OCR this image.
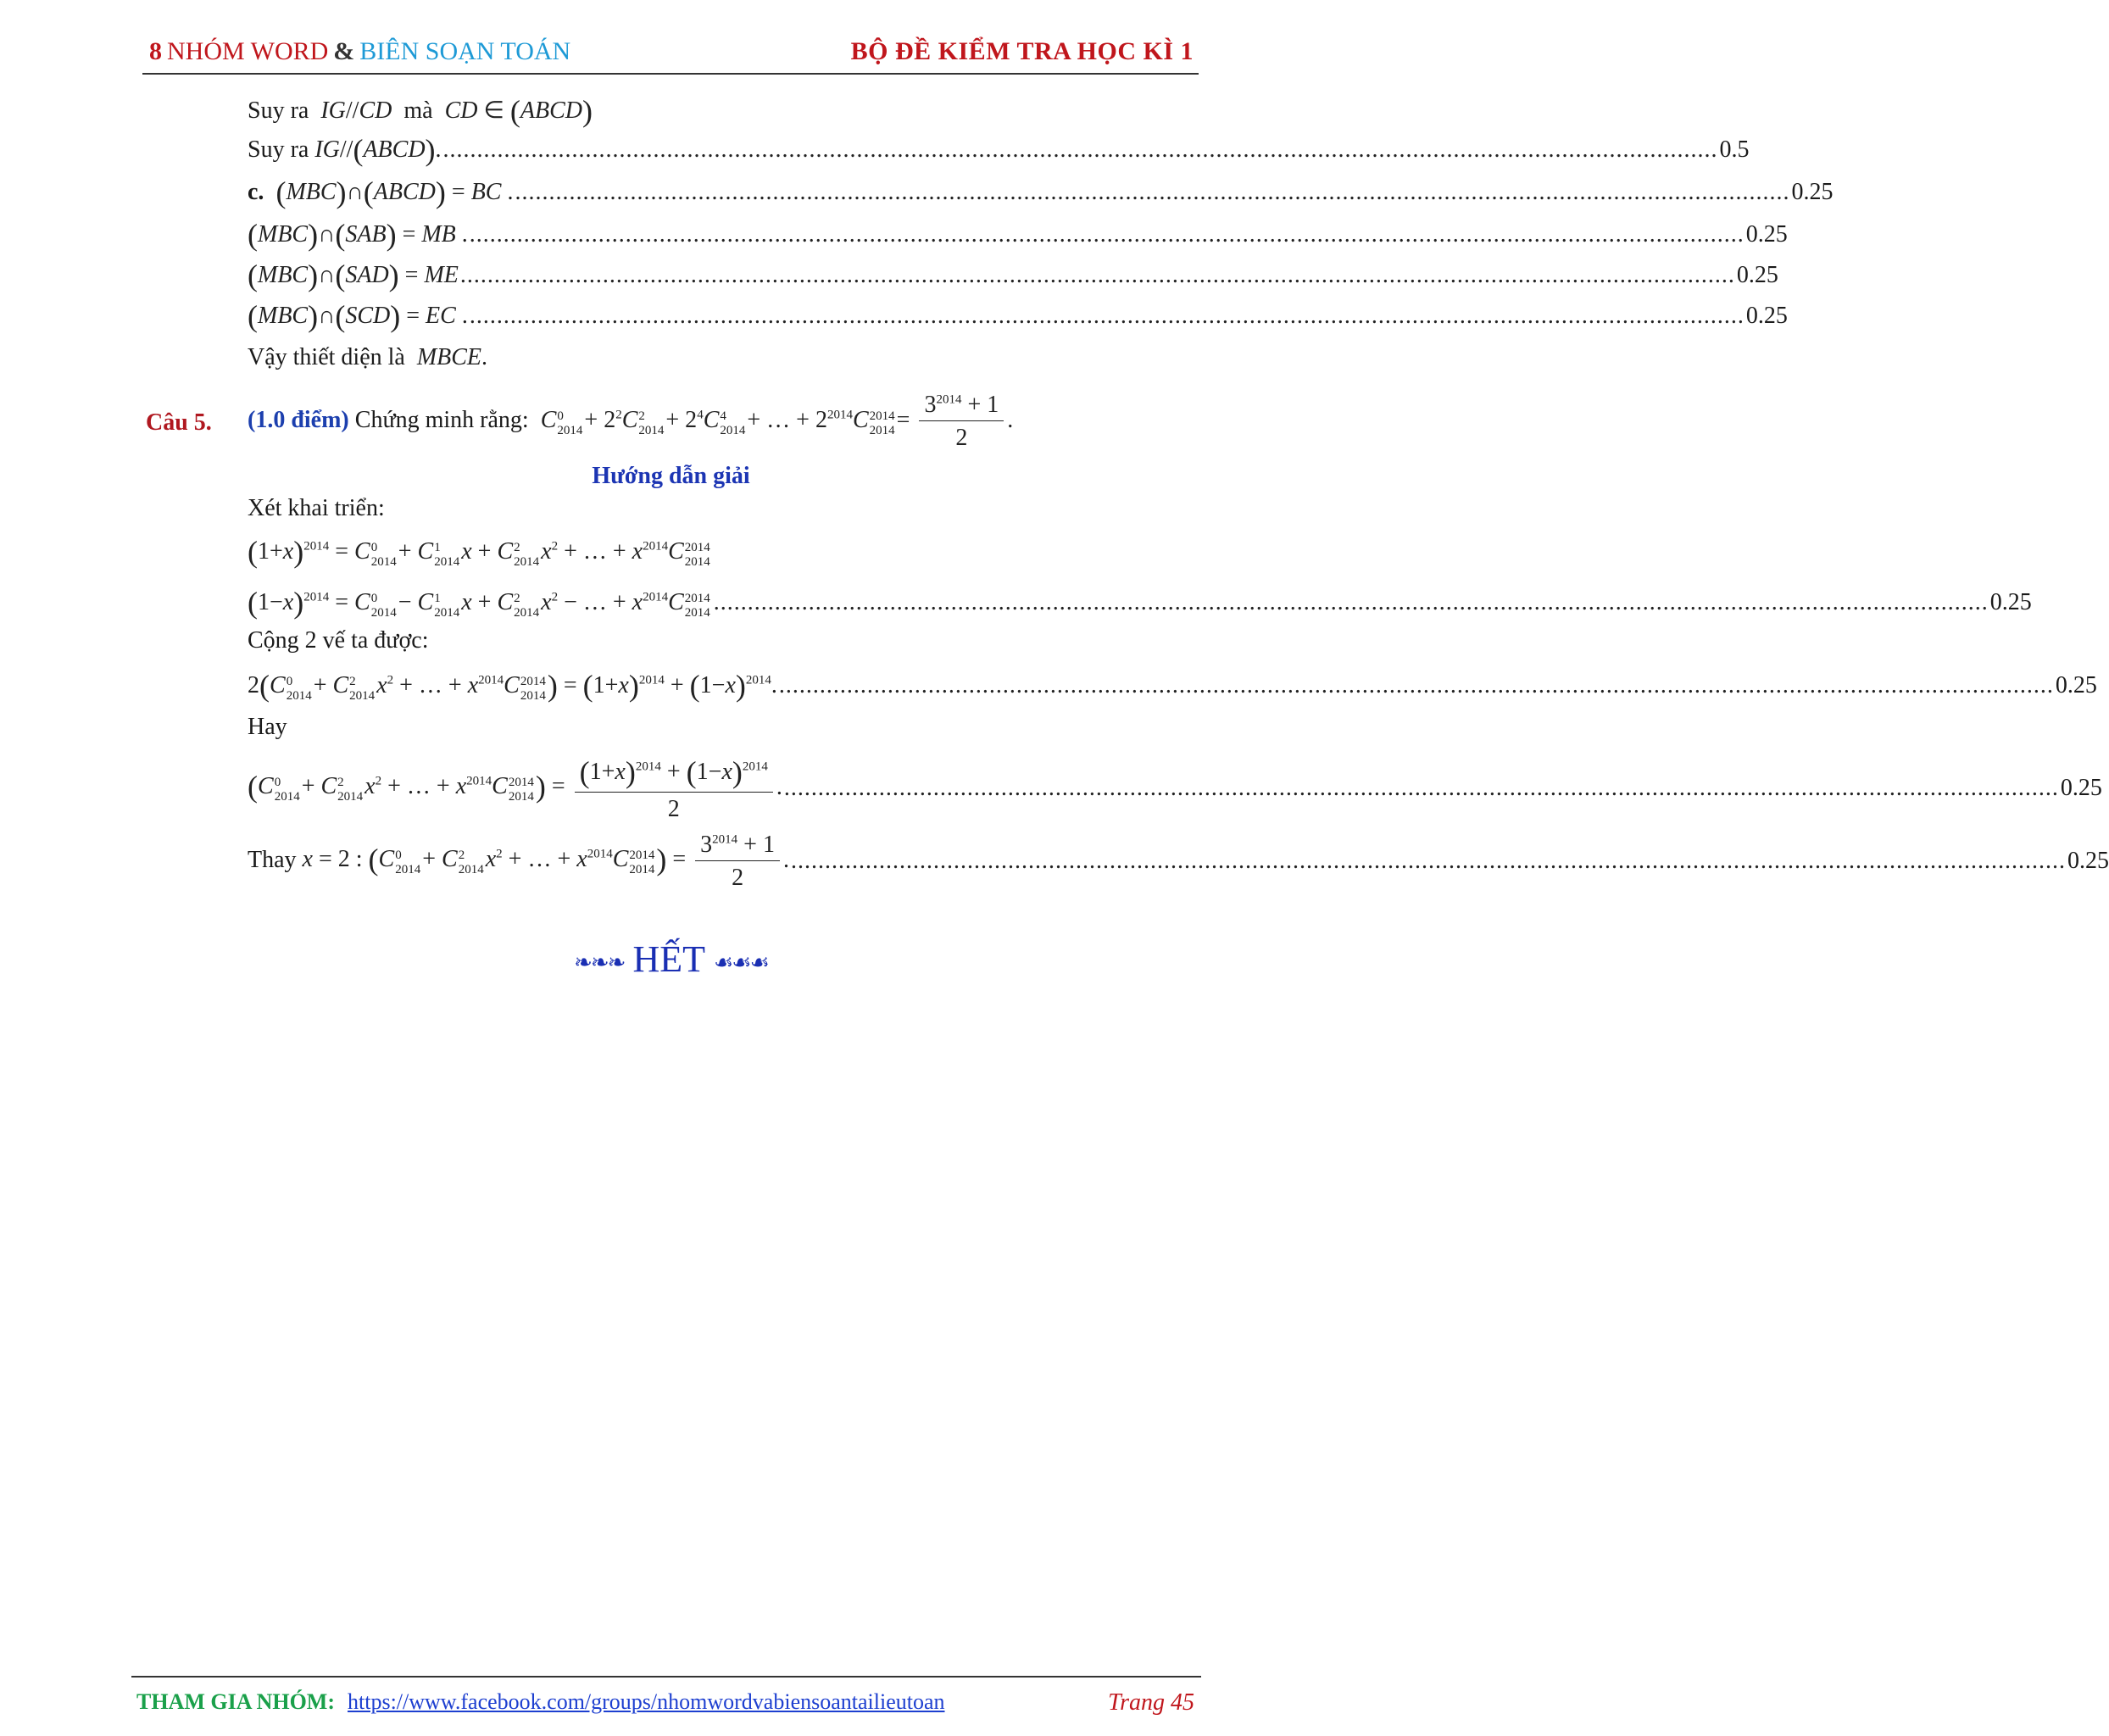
8 NHÓM WORD & BIÊN SOẠN TOÁN	BỘ ĐỀ KIỂM TRA HỌC KÌ 1
Suy ra  IG//CD mà  CD ∈ (ABCD)
Suy ra IG//(ABCD). ............................................................................................................................................................................................ 0.5
c. (MBC)∩(ABCD) = BC . ............................................................................................................................................................................................ 0.25
(MBC)∩(SAB) = MB . ............................................................................................................................................................................................ 0.25
(MBC)∩(SAD) = ME ............................................................................................................................................................................................ 0.25
(MBC)∩(SCD) = EC . ............................................................................................................................................................................................ 0.25
Vậy thiết diện là  MBCE.
Câu 5. (1.0 điểm) Chứng minh rằng:  C 0
$2014 + 2^2C$ 2
$2014 + 2^4C$ 4
2014 + … + $2^{2014}C$ 2014
$2014 = \frac{3^{2014} + 1}{2}$ .
Hướng dẫn giải
Xét khai triển:
$(1+x)^{2014} = C$ 0
2014 + C 1
2014 x + C 2
2014 $x^2$ + … + $x^{2014}C$ 2014
2014
$(1-x)^{2014} = C$ 0
2014 − C 1
2014 x + C 2
2014 $x^2$ − … + $x^{2014}C$ 2014
2014 ............................................................................................................................................................................................ 0.25
Cộng 2 vế ta được:
2(C 0
2014 + C 2
2014 $x^2$ + … + $x^{2014}C$ 2014
2014 ) = $(1+x)^{2014} + (1-x)^{2014}$. ............................................................................................................................................................................................ 0.25
Hay
(C 0
2014 + C 2
2014 $x^2$ + … + $x^{2014}C$ 2014
2014 ) = $\frac{(1+x)^{2014} + (1-x)^{2014}}{2}$ . ............................................................................................................................................................................................ 0.25
Thay x = 2 : (C 0
2014 + C 2
2014 $x^2$ + … + $x^{2014}C$ 2014
2014 ) = $\frac{3^{2014} + 1}{2}$ . ............................................................................................................................................................................................ 0.25
❧❧❧ HẾT ☙☙☙
THAM GIA NHÓM: https://www.facebook.com/groups/nhomwordvabiensoantailieutoan	Trang 45
